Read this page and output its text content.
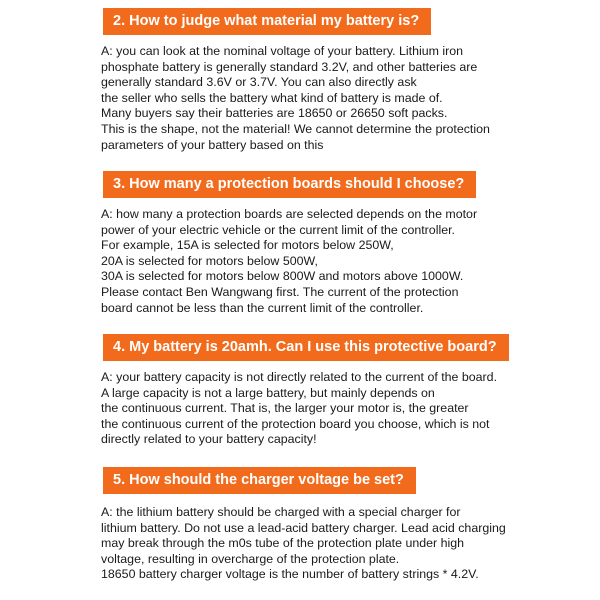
2. How to judge what material my battery is?
A: you can look at the nominal voltage of your battery. Lithium iron
phosphate battery is generally standard 3.2V, and other batteries are
generally standard 3.6V or 3.7V. You can also directly ask
the seller who sells the battery what kind of battery is made of.
Many buyers say their batteries are 18650 or 26650 soft packs.
This is the shape, not the material! We cannot determine the protection
parameters of your battery based on this
3. How many a protection boards should I choose?
A: how many a protection boards are selected depends on the motor
power of your electric vehicle or the current limit of the controller.
For example, 15A is selected for motors below 250W,
20A is selected for motors below 500W,
30A is selected for motors below 800W and motors above 1000W.
Please contact Ben Wangwang first. The current of the protection
board cannot be less than the current limit of the controller.
4. My battery is 20amh. Can I use this protective board?
A: your battery capacity is not directly related to the current of the board.
A large capacity is not a large battery, but mainly depends on
the continuous current. That is, the larger your motor is, the greater
the continuous current of the protection board you choose, which is not
directly related to your battery capacity!
5. How should the charger voltage be set?
A: the lithium battery should be charged with a special charger for
lithium battery. Do not use a lead-acid battery charger. Lead acid charging
may break through the m0s tube of the protection plate under high
voltage, resulting in overcharge of the protection plate.
18650 battery charger voltage is the number of battery strings * 4.2V.
